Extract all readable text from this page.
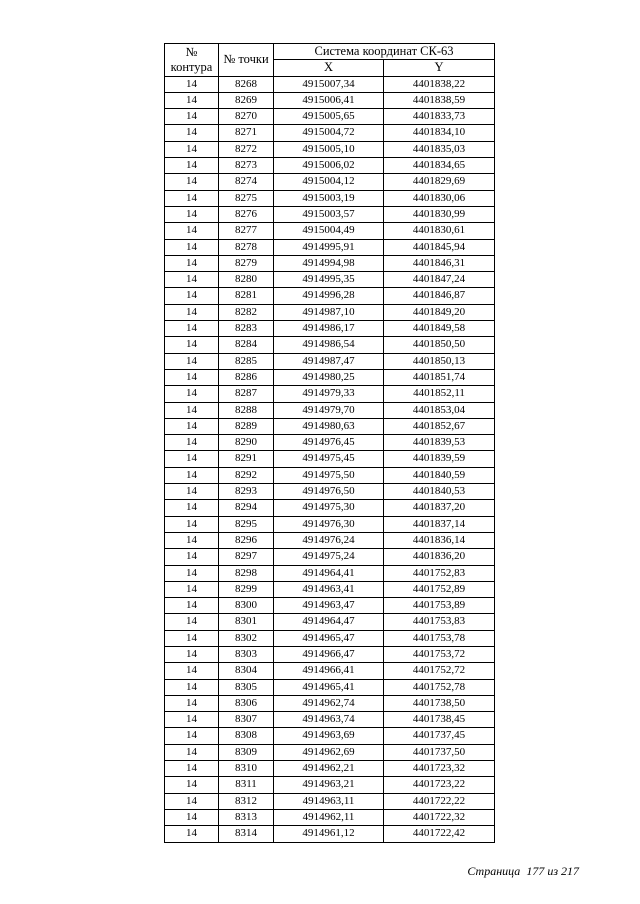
№
контура	№ точки	Система координат СК-63	
		X	Y
14	8268	4915007,34	4401838,22
14	8269	4915006,41	4401838,59
14	8270	4915005,65	4401833,73
14	8271	4915004,72	4401834,10
14	8272	4915005,10	4401835,03
14	8273	4915006,02	4401834,65
14	8274	4915004,12	4401829,69
14	8275	4915003,19	4401830,06
14	8276	4915003,57	4401830,99
14	8277	4915004,49	4401830,61
14	8278	4914995,91	4401845,94
14	8279	4914994,98	4401846,31
14	8280	4914995,35	4401847,24
14	8281	4914996,28	4401846,87
14	8282	4914987,10	4401849,20
14	8283	4914986,17	4401849,58
14	8284	4914986,54	4401850,50
14	8285	4914987,47	4401850,13
14	8286	4914980,25	4401851,74
14	8287	4914979,33	4401852,11
14	8288	4914979,70	4401853,04
14	8289	4914980,63	4401852,67
14	8290	4914976,45	4401839,53
14	8291	4914975,45	4401839,59
14	8292	4914975,50	4401840,59
14	8293	4914976,50	4401840,53
14	8294	4914975,30	4401837,20
14	8295	4914976,30	4401837,14
14	8296	4914976,24	4401836,14
14	8297	4914975,24	4401836,20
14	8298	4914964,41	4401752,83
14	8299	4914963,41	4401752,89
14	8300	4914963,47	4401753,89
14	8301	4914964,47	4401753,83
14	8302	4914965,47	4401753,78
14	8303	4914966,47	4401753,72
14	8304	4914966,41	4401752,72
14	8305	4914965,41	4401752,78
14	8306	4914962,74	4401738,50
14	8307	4914963,74	4401738,45
14	8308	4914963,69	4401737,45
14	8309	4914962,69	4401737,50
14	8310	4914962,21	4401723,32
14	8311	4914963,21	4401723,22
14	8312	4914963,11	4401722,22
14	8313	4914962,11	4401722,32
14	8314	4914961,12	4401722,42
Страница 177 из 217
